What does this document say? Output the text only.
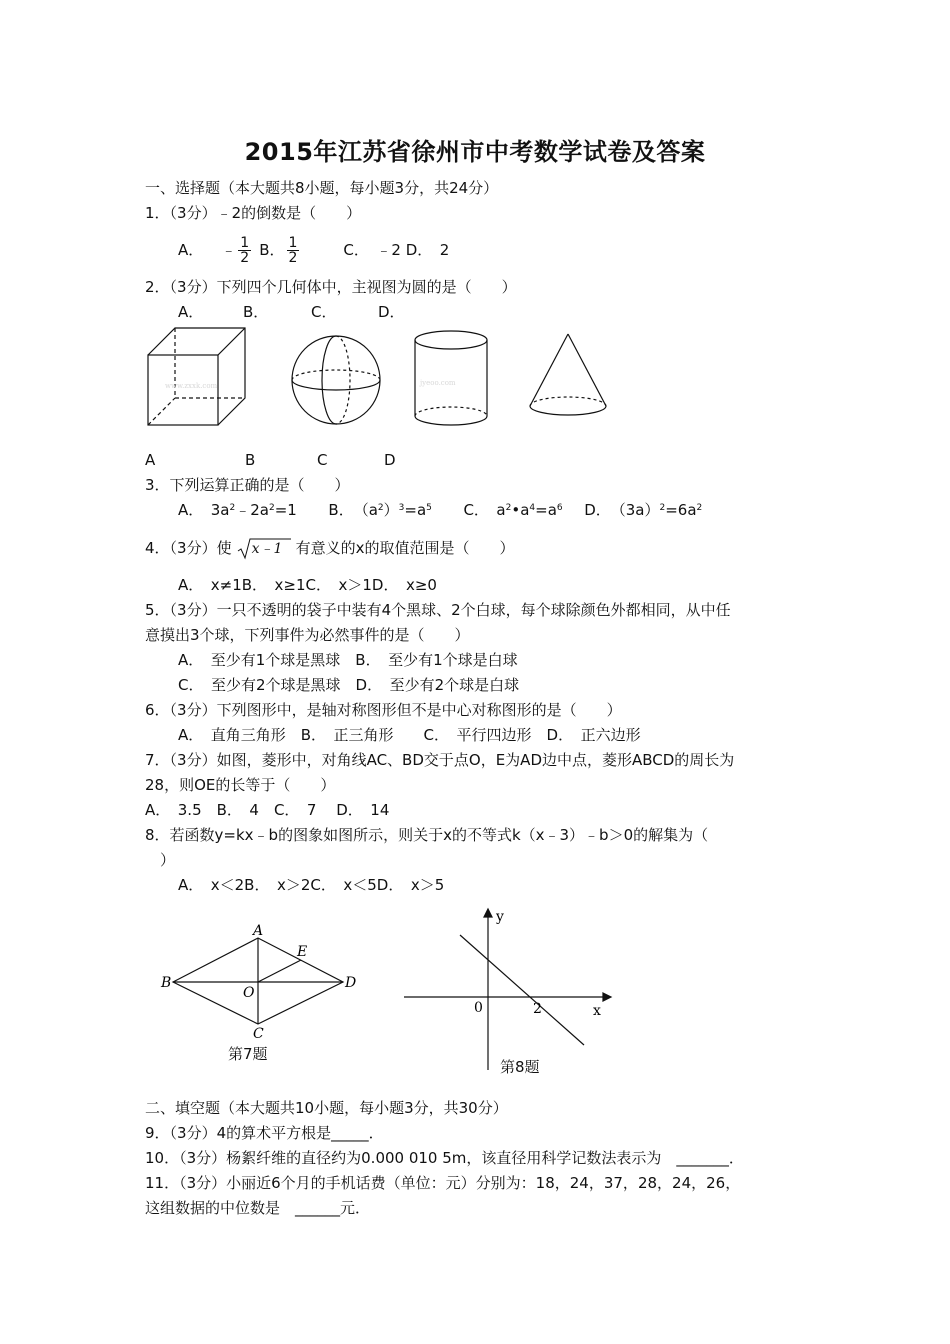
2015年江苏省徐州市中考数学试卷及答案
一、选择题（本大题共8小题，每小题3分，共24分）
1．（3分）﹣2的倒数是（　　）
A． ﹣ $\frac{1}{2}$ B． $\frac{1}{2}$	C．　﹣2 D．　2
2．（3分）下列四个几何体中，主视图为圆的是（　　）
A．	B．	C．	D．
www.zxxk.com	jyeoo.com
A	B	C	D
3．下列运算正确的是（　　）
A．　$3a^2﹣2a^2=1$ B．　$(a^2)^3=a^5$ C．　$a^2•a^4=a^6$ D．　$(3a)^2=6a^2$
4．（3分）使 x﹣1 有意义的x的取值范围是（　　）
A．　x≠1B．　x≥1C．　x＞1D．　x≥0
5．（3分）一只不透明的袋子中装有4个黑球、2个白球，每个球除颜色外都相同，从中任
意摸出3个球，下列事件为必然事件的是（　　）
A．　至少有1个球是黑球　B．　至少有1个球是白球
C．　至少有2个球是黑球　D．　至少有2个球是白球
6．（3分）下列图形中，是轴对称图形但不是中心对称图形的是（　　）
A．　直角三角形　B．　正三角形　　C．　平行四边形　D．　正六边形
7．（3分）如图，菱形中，对角线AC、BD交于点O，E为AD边中点，菱形ABCD的周长为
28，则OE的长等于（　　）
A．　3.5　B．　4　C．　7　 D．　14
8．若函数y=kx﹣b的图象如图所示，则关于x的不等式k（x﹣3）﹣b＞0的解集为（
）
A．　x＜2B．　x＞2C．　x＜5D．　x＞5
A
B	D
C
E
O
第7题
y
x
0	2
第8题
二、填空题（本大题共10小题，每小题3分，共30分）
9．（3分）4的算术平方根是_____．
10．（3分）杨絮纤维的直径约为0.000 010 5m，该直径用科学记数法表示为　_______．
11．（3分）小丽近6个月的手机话费（单位：元）分别为：18，24，37，28，24，26，
这组数据的中位数是　______元．
